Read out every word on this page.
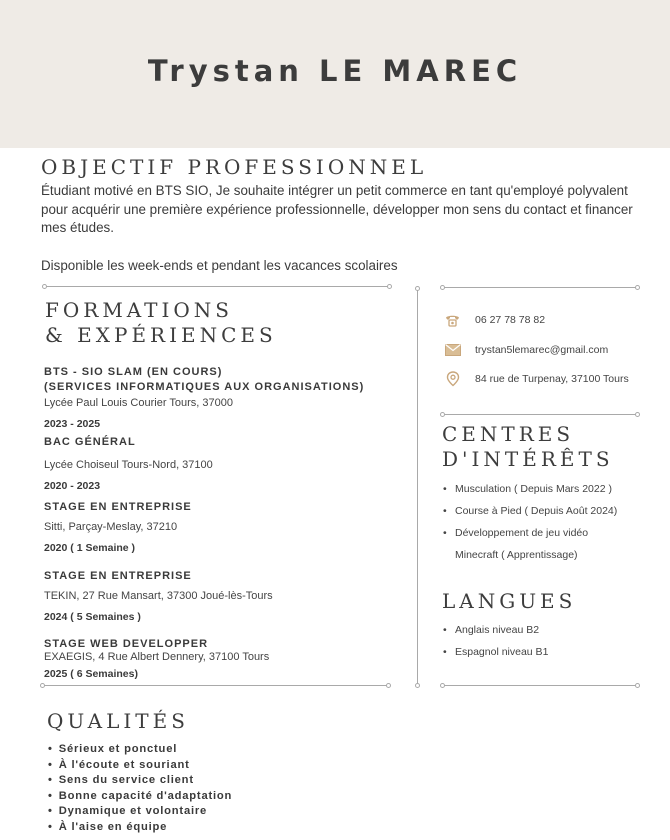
Trystan LE MAREC
OBJECTIF PROFESSIONNEL
Étudiant motivé en BTS SIO, Je souhaite intégrer un petit commerce en tant qu'employé polyvalent pour acquérir une première expérience professionnelle, développer mon sens du contact et financer mes études.
Disponible les week-ends et pendant les vacances scolaires
FORMATIONS
& EXPÉRIENCES
BTS - SIO SLAM (EN COURS)
(SERVICES INFORMATIQUES AUX ORGANISATIONS)
Lycée Paul Louis Courier Tours, 37000
2023 - 2025
BAC GÉNÉRAL
Lycée Choiseul Tours-Nord, 37100
2020 - 2023
STAGE EN ENTREPRISE
Sitti, Parçay-Meslay, 37210
2020 ( 1 Semaine )
STAGE EN ENTREPRISE
TEKIN, 27 Rue Mansart, 37300 Joué-lès-Tours
2024 ( 5 Semaines )
STAGE WEB DEVELOPPER
EXAEGIS, 4 Rue Albert Dennery, 37100 Tours
2025 ( 6 Semaines)
06 27 78 78 82
trystan5lemarec@gmail.com
84 rue de Turpenay, 37100 Tours
CENTRES
D'INTÉRÊTS
• Musculation ( Depuis Mars 2022 )
• Course à Pied ( Depuis Août 2024)
• Développement de jeu vidéo
Minecraft ( Apprentissage)
LANGUES
• Anglais niveau B2
• Espagnol niveau B1
QUALITÉS
• Sérieux et ponctuel
• À l'écoute et souriant
• Sens du service client
• Bonne capacité d'adaptation
• Dynamique et volontaire
• À l'aise en équipe
